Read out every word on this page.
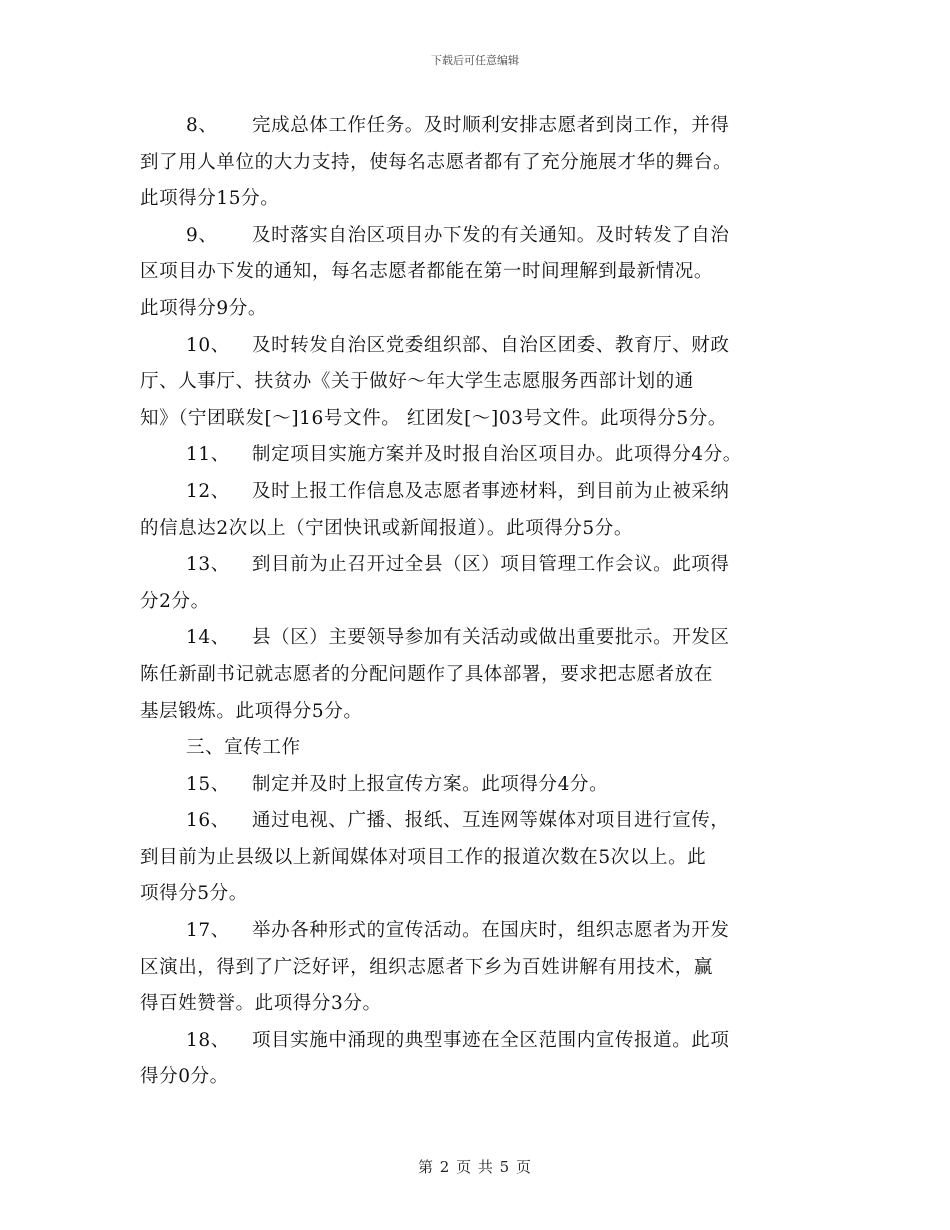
下载后可任意编辑
8、 完成总体工作任务。及时顺利安排志愿者到岗工作，并得
到了用人单位的大力支持，使每名志愿者都有了充分施展才华的舞台。
此项得分15分。
9、 及时落实自治区项目办下发的有关通知。及时转发了自治
区项目办下发的通知，每名志愿者都能在第一时间理解到最新情况。
此项得分9分。
10、 及时转发自治区党委组织部、自治区团委、教育厅、财政
厅、人事厅、扶贫办《关于做好～年大学生志愿服务西部计划的通
知》（宁团联发[～]16号文件。 红团发[～]03号文件。此项得分5分。
11、 制定项目实施方案并及时报自治区项目办。此项得分4分。
12、 及时上报工作信息及志愿者事迹材料，到目前为止被采纳
的信息达2次以上（宁团快讯或新闻报道）。此项得分5分。
13、 到目前为止召开过全县（区）项目管理工作会议。此项得
分2分。
14、 县（区）主要领导参加有关活动或做出重要批示。开发区
陈任新副书记就志愿者的分配问题作了具体部署，要求把志愿者放在
基层锻炼。此项得分5分。
三、宣传工作
15、 制定并及时上报宣传方案。此项得分4分。
16、 通过电视、广播、报纸、互连网等媒体对项目进行宣传，
到目前为止县级以上新闻媒体对项目工作的报道次数在5次以上。此
项得分5分。
17、 举办各种形式的宣传活动。在国庆时，组织志愿者为开发
区演出，得到了广泛好评，组织志愿者下乡为百姓讲解有用技术，赢
得百姓赞誉。此项得分3分。
18、 项目实施中涌现的典型事迹在全区范围内宣传报道。此项
得分0分。
第 2 页 共 5 页
